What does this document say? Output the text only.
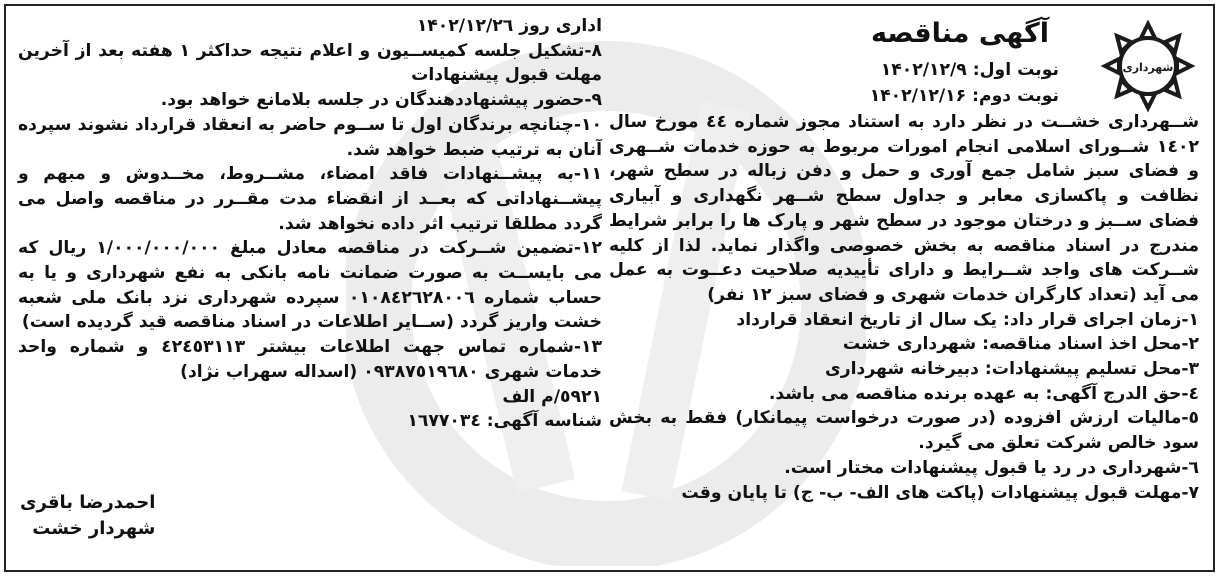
شهرداری
آگهی مناقصه
نوبت اول: ۱۴۰۲/۱۲/۹
نوبت دوم: ۱۴۰۲/۱۲/۱۶

شــهرداری خشــت در نظر دارد به استناد مجوز شماره ٤٤ مورخ سال ۱٤۰۲ شــورای اسلامی انجام امورات مربوط به حوزه خدمات شــهری و فضای سبز شامل جمع آوری و حمل و دفن زباله در سطح شهر، نظافت و پاکسازی معابر و جداول سطح شــهر نگهداری و آبیاری فضای ســبز و درختان موجود در سطح شهر و پارک ها را برابر شرایط مندرج در اسناد مناقصه به بخش خصوصی واگذار نماید. لذا از کلیه شــرکت های واجد شــرایط و دارای تأییدیه صلاحیت دعــوت به عمل می آید (تعداد کارگران خدمات شهری و فضای سبز ۱۲ نفر)

۱-زمان اجرای قرار داد: یک سال از تاریخ انعقاد قرارداد

۲-محل اخذ اسناد مناقصه: شهرداری خشت

۳-محل تسلیم پیشنهادات: دبیرخانه شهرداری

٤-حق الدرج آگهی: به عهده برنده مناقصه می باشد.

٥-مالیات ارزش افزوده (در صورت درخواست پیمانکار) فقط به بخش سود خالص شرکت تعلق می گیرد.

٦-شهرداری در رد یا قبول پیشنهادات مختار است.

۷-مهلت قبول پیشنهادات (پاکت های الف- ب- ج) تا پایان وقت

اداری روز ۱۴۰۲/۱۲/۲٦

۸-تشکیل جلسه کمیســیون و اعلام نتیجه حداکثر ۱ هفته بعد از آخرین مهلت قبول پیشنهادات

۹-حضور پیشنهاددهندگان در جلسه بلامانع خواهد بود.

۱۰-چنانچه برندگان اول تا ســوم حاضر به انعقاد قرارداد نشوند سپرده آنان به ترتیب ضبط خواهد شد.

۱۱-به پیشــنهادات فاقد امضاء، مشــروط، مخــدوش و مبهم و پیشــنهاداتی که بعــد از انقضاء مدت مقــرر در مناقصه واصل می گردد مطلقا ترتیب اثر داده نخواهد شد.

۱۲-تضمین شــرکت در مناقصه معادل مبلغ ۱/۰۰۰/۰۰۰/۰۰۰ ریال که می بایســت به صورت ضمانت نامه بانکی به نفع شهرداری و یا به حساب شماره ۰۱۰۸٤٢٦٢٨٠٠٦ سپرده شهرداری نزد بانک ملی شعبه خشت واریز گردد (ســایر اطلاعات در اسناد مناقصه قید گردیده است)

۱۳-شماره تماس جهت اطلاعات بیشتر ٤٢٤٥٣١١٣ و شماره واحد خدمات شهری ۰۹۳۸۷٥۱۹٦۸۰ (اسداله سهراب نژاد)

٥۹۲۱/م الف

شناسه آگهی: ۱٦۷۷۰۳٤

احمدرضا باقری
شهردار خشت
